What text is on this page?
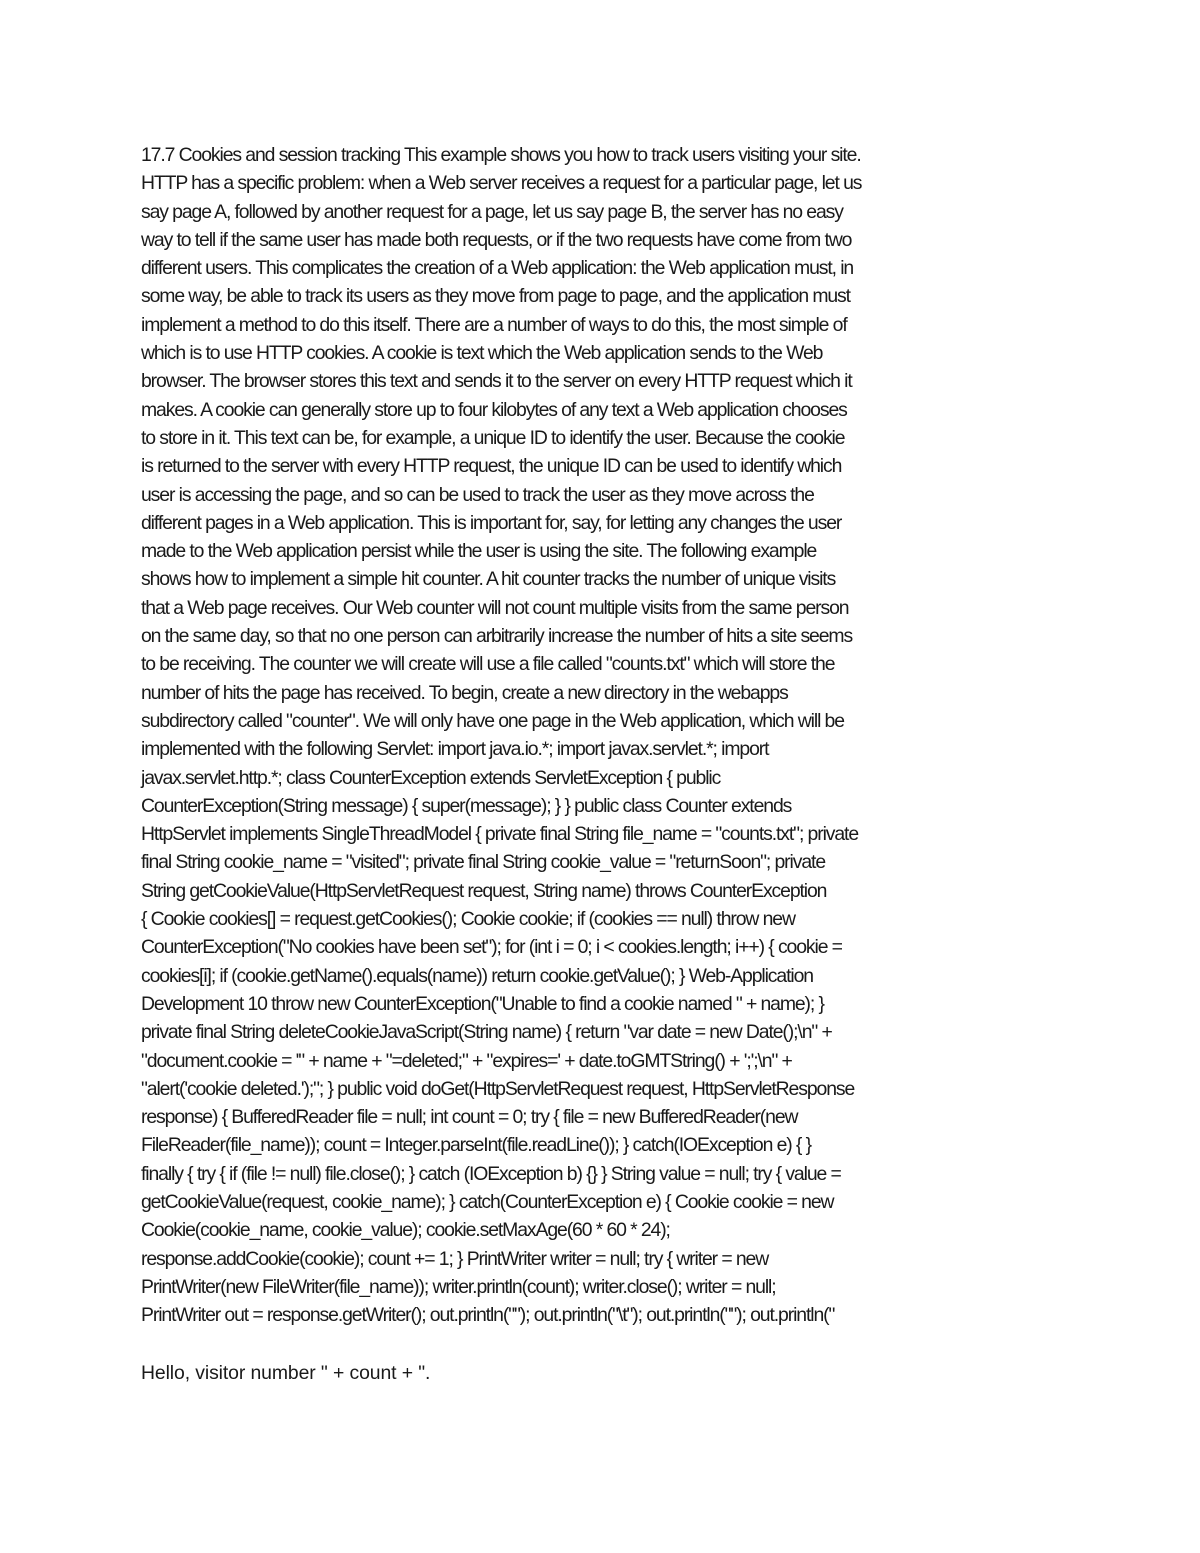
17.7 Cookies and session tracking This example shows you how to track users visiting your site.
HTTP has a specific problem: when a Web server receives a request for a particular page, let us
say page A, followed by another request for a page, let us say page B, the server has no easy
way to tell if the same user has made both requests, or if the two requests have come from two
different users. This complicates the creation of a Web application: the Web application must, in
some way, be able to track its users as they move from page to page, and the application must
implement a method to do this itself. There are a number of ways to do this, the most simple of
which is to use HTTP cookies. A cookie is text which the Web application sends to the Web
browser. The browser stores this text and sends it to the server on every HTTP request which it
makes. A cookie can generally store up to four kilobytes of any text a Web application chooses
to store in it. This text can be, for example, a unique ID to identify the user. Because the cookie
is returned to the server with every HTTP request, the unique ID can be used to identify which
user is accessing the page, and so can be used to track the user as they move across the
different pages in a Web application. This is important for, say, for letting any changes the user
made to the Web application persist while the user is using the site. The following example
shows how to implement a simple hit counter. A hit counter tracks the number of unique visits
that a Web page receives. Our Web counter will not count multiple visits from the same person
on the same day, so that no one person can arbitrarily increase the number of hits a site seems
to be receiving. The counter we will create will use a file called "counts.txt" which will store the
number of hits the page has received. To begin, create a new directory in the webapps
subdirectory called "counter". We will only have one page in the Web application, which will be
implemented with the following Servlet: import java.io.*; import javax.servlet.*; import
javax.servlet.http.*; class CounterException extends ServletException { public
CounterException(String message) { super(message); } } public class Counter extends
HttpServlet implements SingleThreadModel { private final String file_name = "counts.txt"; private
final String cookie_name = "visited"; private final String cookie_value = "returnSoon"; private
String getCookieValue(HttpServletRequest request, String name) throws CounterException
{ Cookie cookies[] = request.getCookies(); Cookie cookie; if (cookies == null) throw new
CounterException("No cookies have been set"); for (int i = 0; i < cookies.length; i++) { cookie =
cookies[i]; if (cookie.getName().equals(name)) return cookie.getValue(); } Web-Application
Development 10 throw new CounterException("Unable to find a cookie named " + name); }
private final String deleteCookieJavaScript(String name) { return "var date = new Date();\n" +
"document.cookie = '" + name + "=deleted;" + "expires=' + date.toGMTString() + ';';\n" +
"alert('cookie deleted.');"; } public void doGet(HttpServletRequest request, HttpServletResponse
response) { BufferedReader file = null; int count = 0; try { file = new BufferedReader(new
FileReader(file_name)); count = Integer.parseInt(file.readLine()); } catch(IOException e) { }
finally { try { if (file != null) file.close(); } catch (IOException b) {} } String value = null; try { value =
getCookieValue(request, cookie_name); } catch(CounterException e) { Cookie cookie = new
Cookie(cookie_name, cookie_value); cookie.setMaxAge(60 * 60 * 24);
response.addCookie(cookie); count += 1; } PrintWriter writer = null; try { writer = new
PrintWriter(new FileWriter(file_name)); writer.println(count); writer.close(); writer = null;
PrintWriter out = response.getWriter(); out.println(""); out.println("\t"); out.println(""); out.println("
Hello, visitor number " + count + ".
